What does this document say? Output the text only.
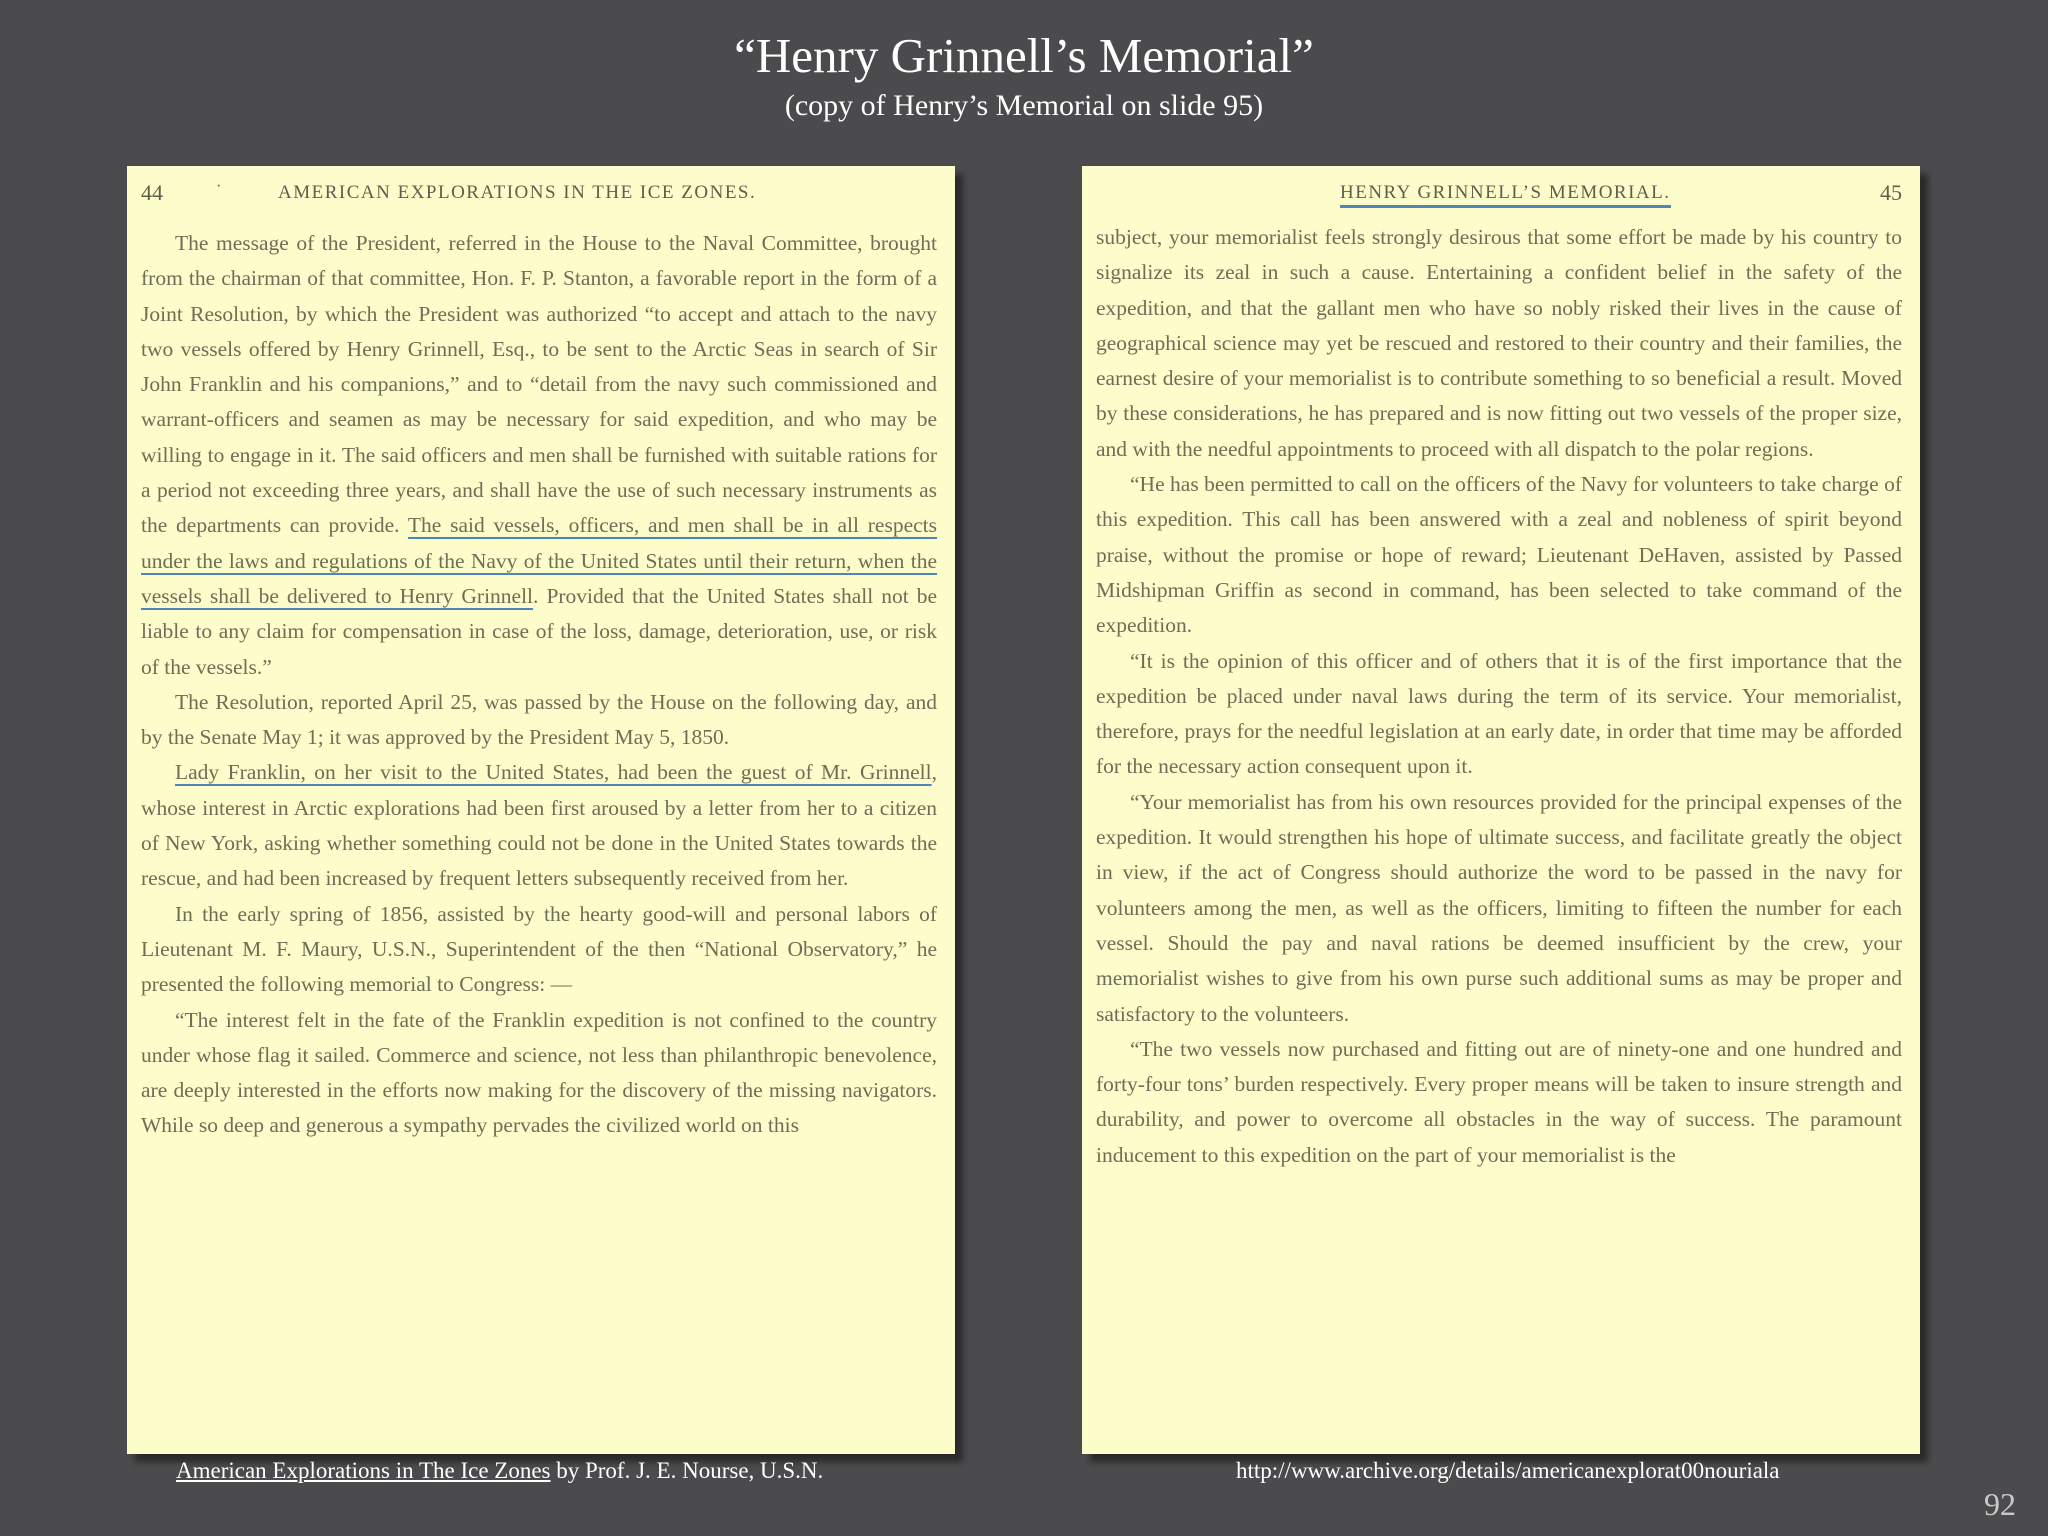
“Henry Grinnell’s Memorial”
(copy of Henry’s Memorial on slide 95)
44	·	AMERICAN EXPLORATIONS IN THE ICE ZONES.

The message of the President, referred in the House to the Naval Committee, brought from the chairman of that committee, Hon. F. P. Stanton, a favorable report in the form of a Joint Resolution, by which the President was authorized “to accept and attach to the navy two vessels offered by Henry Grinnell, Esq., to be sent to the Arctic Seas in search of Sir John Franklin and his companions,” and to “detail from the navy such commissioned and warrant-officers and seamen as may be necessary for said expedition, and who may be willing to engage in it. The said officers and men shall be furnished with suitable rations for a period not exceeding three years, and shall have the use of such necessary instruments as the departments can provide. The said vessels, officers, and men shall be in all respects under the laws and regulations of the Navy of the United States until their return, when the vessels shall be delivered to Henry Grinnell. Provided that the United States shall not be liable to any claim for compensation in case of the loss, damage, deterioration, use, or risk of the vessels.”

The Resolution, reported April 25, was passed by the House on the following day, and by the Senate May 1; it was approved by the President May 5, 1850.

Lady Franklin, on her visit to the United States, had been the guest of Mr. Grinnell, whose interest in Arctic explorations had been first aroused by a letter from her to a citizen of New York, asking whether something could not be done in the United States towards the rescue, and had been increased by frequent letters subsequently received from her.

In the early spring of 1856, assisted by the hearty good-will and personal labors of Lieutenant M. F. Maury, U.S.N., Superintendent of the then “National Observatory,” he presented the following memorial to Congress: —

“The interest felt in the fate of the Franklin expedition is not confined to the country under whose flag it sailed. Commerce and science, not less than philanthropic benevolence, are deeply interested in the efforts now making for the discovery of the missing navigators. While so deep and generous a sympathy pervades the civilized world on this

HENRY GRINNELL’S MEMORIAL.	45

subject, your memorialist feels strongly desirous that some effort be made by his country to signalize its zeal in such a cause. Entertaining a confident belief in the safety of the expedition, and that the gallant men who have so nobly risked their lives in the cause of geographical science may yet be rescued and restored to their country and their families, the earnest desire of your memorialist is to contribute something to so beneficial a result. Moved by these considerations, he has prepared and is now fitting out two vessels of the proper size, and with the needful appointments to proceed with all dispatch to the polar regions.

“He has been permitted to call on the officers of the Navy for volunteers to take charge of this expedition. This call has been answered with a zeal and nobleness of spirit beyond praise, without the promise or hope of reward; Lieutenant DeHaven, assisted by Passed Midshipman Griffin as second in command, has been selected to take command of the expedition.

“It is the opinion of this officer and of others that it is of the first importance that the expedition be placed under naval laws during the term of its service. Your memorialist, therefore, prays for the needful legislation at an early date, in order that time may be afforded for the necessary action consequent upon it.

“Your memorialist has from his own resources provided for the principal expenses of the expedition. It would strengthen his hope of ultimate success, and facilitate greatly the object in view, if the act of Congress should authorize the word to be passed in the navy for volunteers among the men, as well as the officers, limiting to fifteen the number for each vessel. Should the pay and naval rations be deemed insufficient by the crew, your memorialist wishes to give from his own purse such additional sums as may be proper and satisfactory to the volunteers.

“The two vessels now purchased and fitting out are of ninety-one and one hundred and forty-four tons’ burden respectively. Every proper means will be taken to insure strength and durability, and power to overcome all obstacles in the way of success. The paramount inducement to this expedition on the part of your memorialist is the

American Explorations in The Ice Zones by Prof. J. E. Nourse, U.S.N.	http://www.archive.org/details/americanexplorat00nouriala
92
